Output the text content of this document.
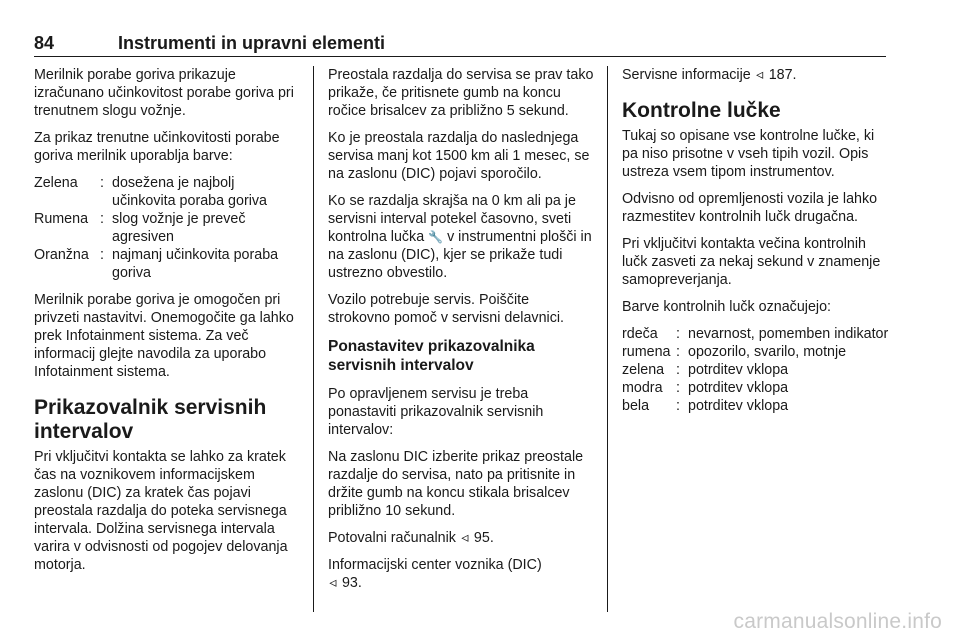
84	Instrumenti in upravni elementi

Merilnik porabe goriva prikazuje izračunano učinkovitost porabe goriva pri trenutnem slogu vožnje.

Za prikaz trenutne učinkovitosti porabe goriva merilnik uporablja barve:

Zelena	: dosežena je najbolj učinkovita poraba goriva
Rumena : slog vožnje je preveč agresiven
Oranžna : najmanj učinkovita poraba goriva

Merilnik porabe goriva je omogočen pri privzeti nastavitvi. Onemogočite ga lahko prek Infotainment sistema. Za več informacij glejte navodila za uporabo Infotainment sistema.

Prikazovalnik servisnih intervalov

Pri vključitvi kontakta se lahko za kratek čas na voznikovem informacijskem zaslonu (DIC) za kratek čas pojavi preostala razdalja do poteka servisnega intervala. Dolžina servisnega intervala varira v odvisnosti od pogojev delovanja motorja.

Preostala razdalja do servisa se prav tako prikaže, če pritisnete gumb na koncu ročice brisalcev za približno 5 sekund.

Ko je preostala razdalja do naslednjega servisa manj kot 1500 km ali 1 mesec, se na zaslonu (DIC) pojavi sporočilo.

Ko se razdalja skrajša na 0 km ali pa je servisni interval potekel časovno, sveti kontrolna lučka 🔧 v instrumentni plošči in na zaslonu (DIC), kjer se prikaže tudi ustrezno obvestilo.

Vozilo potrebuje servis. Poiščite strokovno pomoč v servisni delavnici.

Ponastavitev prikazovalnika servisnih intervalov

Po opravljenem servisu je treba ponastaviti prikazovalnik servisnih intervalov:

Na zaslonu DIC izberite prikaz preostale razdalje do servisa, nato pa pritisnite in držite gumb na koncu stikala brisalcev približno 10 sekund.

Potovalni računalnik ◃ 95.

Informacijski center voznika (DIC)
◃ 93.

Servisne informacije ◃ 187.

Kontrolne lučke

Tukaj so opisane vse kontrolne lučke, ki pa niso prisotne v vseh tipih vozil. Opis ustreza vsem tipom instrumentov.

Odvisno od opremljenosti vozila je lahko razmestitev kontrolnih lučk drugačna.

Pri vključitvi kontakta večina kontrolnih lučk zasveti za nekaj sekund v znamenje samopreverjanja.

Barve kontrolnih lučk označujejo:

rdeča	: nevarnost, pomemben indikator
rumena : opozorilo, svarilo, motnje
zelena : potrditev vklopa
modra : potrditev vklopa
bela	: potrditev vklopa
carmanualsonline.info
